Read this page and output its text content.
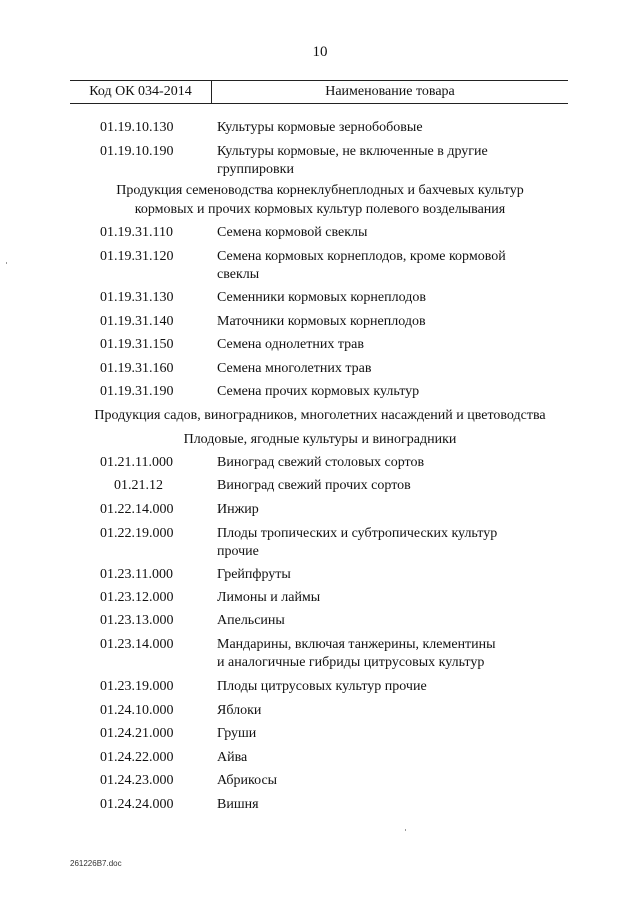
10
Код ОК 034-2014	Наименование товара
01.19.10.130	Культуры кормовые зернобобовые
01.19.10.190	Культуры кормовые, не включенные в другие
группировки
Продукция семеноводства корнеклубнеплодных и бахчевых культур
кормовых и прочих кормовых культур полевого возделывания
01.19.31.110	Семена кормовой свеклы
01.19.31.120	Семена кормовых корнеплодов, кроме кормовой
свеклы
01.19.31.130	Семенники кормовых корнеплодов
01.19.31.140	Маточники кормовых корнеплодов
01.19.31.150	Семена однолетних трав
01.19.31.160	Семена многолетних трав
01.19.31.190	Семена прочих кормовых культур
Продукция садов, виноградников, многолетних насаждений и цветоводства
Плодовые, ягодные культуры и виноградники
01.21.11.000	Виноград свежий столовых сортов
01.21.12	Виноград свежий прочих сортов
01.22.14.000	Инжир
01.22.19.000	Плоды тропических и субтропических культур
прочие
01.23.11.000	Грейпфруты
01.23.12.000	Лимоны и лаймы
01.23.13.000	Апельсины
01.23.14.000	Мандарины, включая танжерины, клементины
и аналогичные гибриды цитрусовых культур
01.23.19.000	Плоды цитрусовых культур прочие
01.24.10.000	Яблоки
01.24.21.000	Груши
01.24.22.000	Айва
01.24.23.000	Абрикосы
01.24.24.000	Вишня
261226B7.doc
